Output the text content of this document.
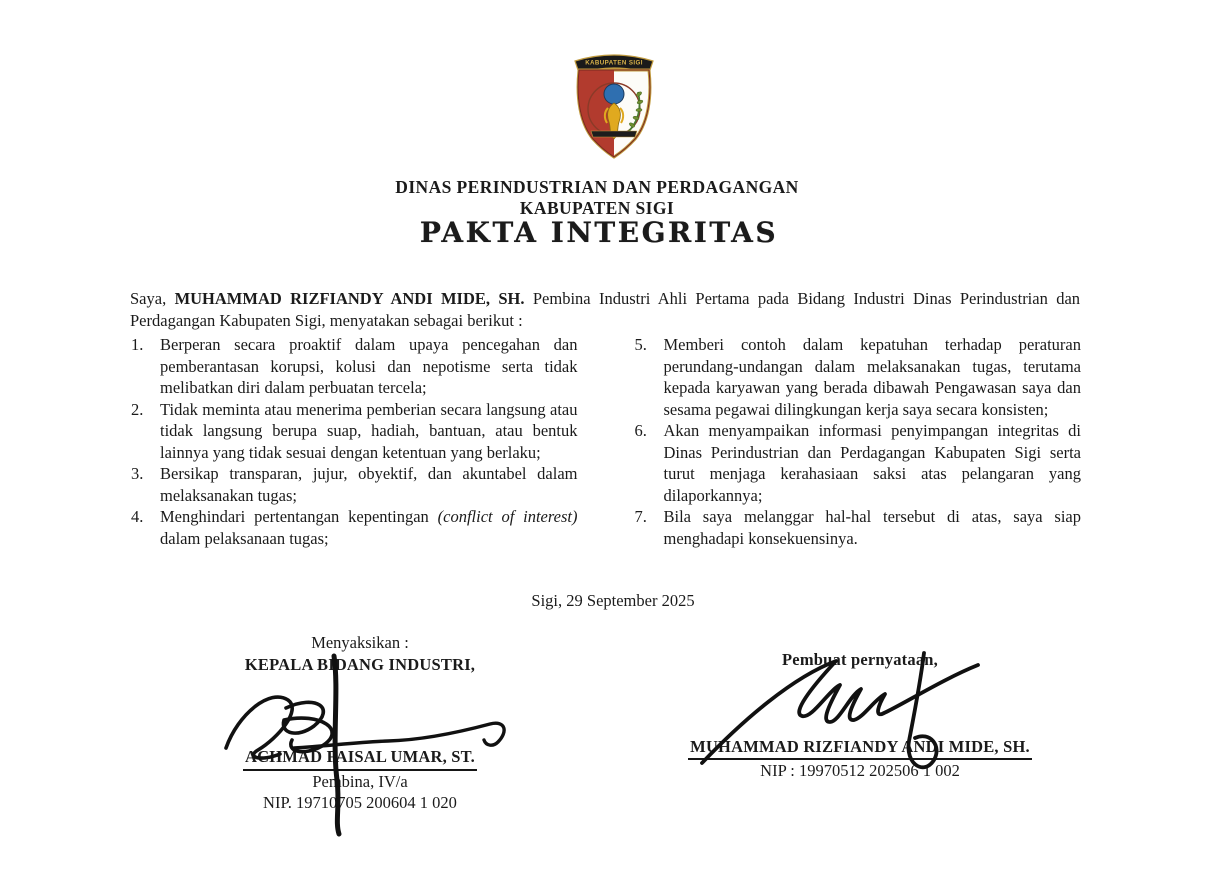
KABUPATEN SIGI
DINAS PERINDUSTRIAN DAN PERDAGANGAN
KABUPATEN SIGI
PAKTA INTEGRITAS

Saya, MUHAMMAD RIZFIANDY ANDI MIDE, SH. Pembina Industri Ahli Pertama pada Bidang Industri Dinas Perindustrian dan Perdagangan Kabupaten Sigi, menyatakan sebagai berikut :

1. Berperan secara proaktif dalam upaya pencegahan dan pemberantasan korupsi, kolusi dan nepotisme serta tidak melibatkan diri dalam perbuatan tercela;
2. Tidak meminta atau menerima pemberian secara langsung atau tidak langsung berupa suap, hadiah, bantuan, atau bentuk lainnya yang tidak sesuai dengan ketentuan yang berlaku;
3. Bersikap transparan, jujur, obyektif, dan akuntabel dalam melaksanakan tugas;
4. Menghindari pertentangan kepentingan (conflict of interest) dalam pelaksanaan tugas;
5. Memberi contoh dalam kepatuhan terhadap peraturan perundang-undangan dalam melaksanakan tugas, terutama kepada karyawan yang berada dibawah Pengawasan saya dan sesama pegawai dilingkungan kerja saya secara konsisten;
6. Akan menyampaikan informasi penyimpangan integritas di Dinas Perindustrian dan Perdagangan Kabupaten Sigi serta turut menjaga kerahasiaan saksi atas pelangaran yang dilaporkannya;
7. Bila saya melanggar hal-hal tersebut di atas, saya siap menghadapi konsekuensinya.
Sigi, 29 September 2025
Menyaksikan :
KEPALA BIDANG INDUSTRI,
ACHMAD FAISAL UMAR, ST.
Pembina, IV/a
NIP. 19710705 200604 1 020
Pembuat pernyataan,
MUHAMMAD RIZFIANDY ANDI MIDE, SH.
NIP : 19970512 202506 1 002
